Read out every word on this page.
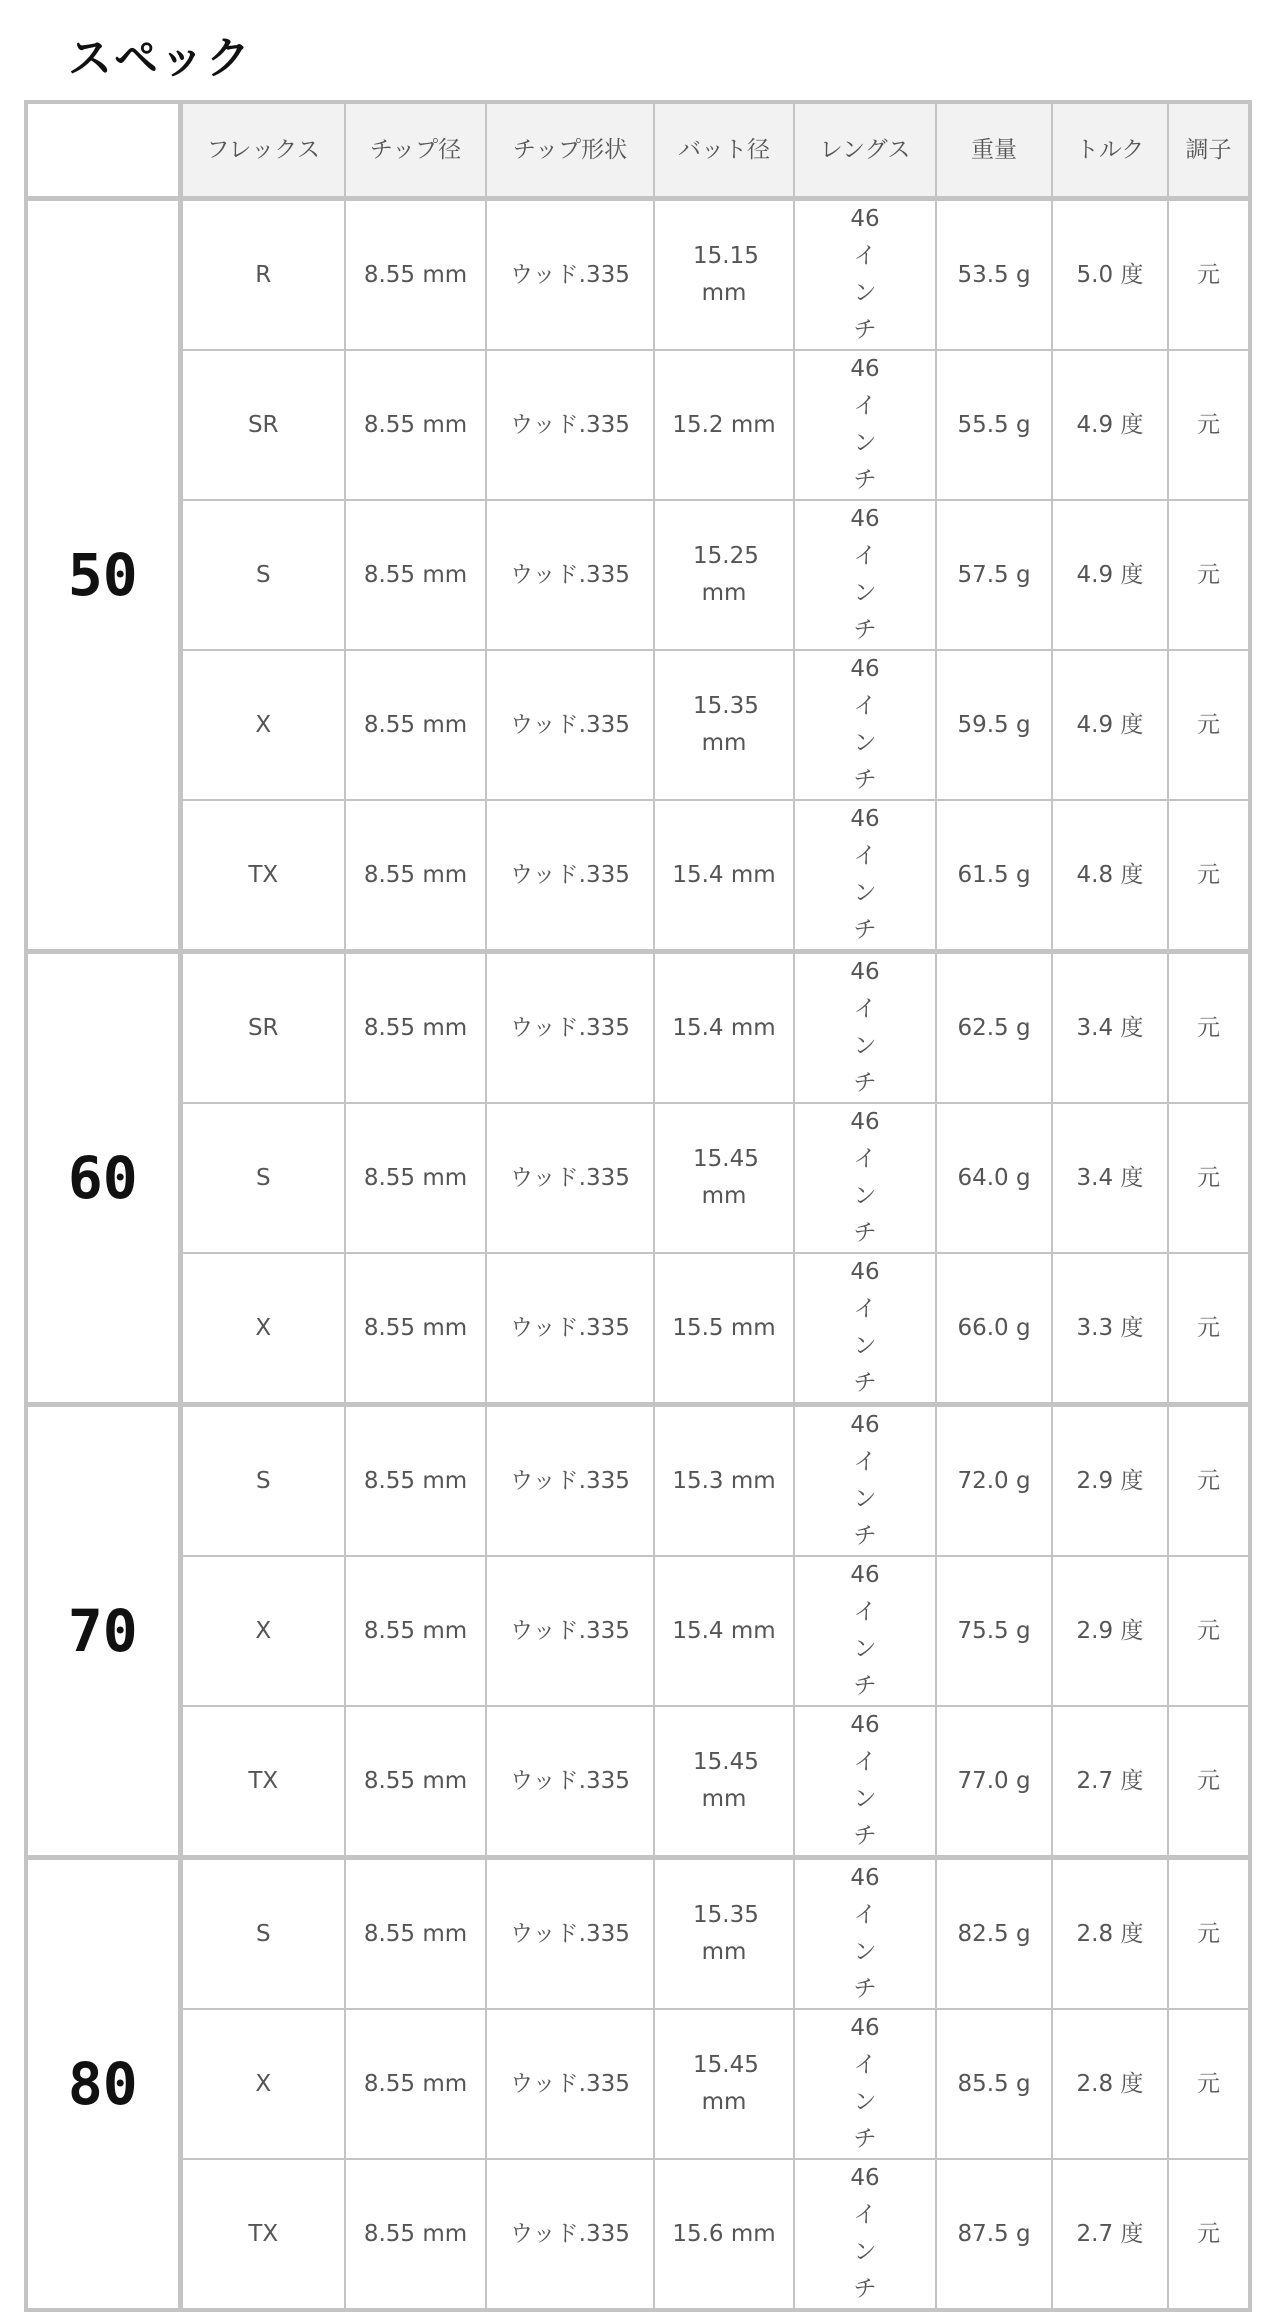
スペック
	フレックス	チップ径	チップ形状	バット径	レングス	重量	トルク	調子
50	R	8.55 mm	ウッド.335	15.15 mm	46 インチ	53.5 g	5.0 度	元
	SR	8.55 mm	ウッド.335	15.2 mm	46 インチ	55.5 g	4.9 度	元
	S	8.55 mm	ウッド.335	15.25 mm	46 インチ	57.5 g	4.9 度	元
	X	8.55 mm	ウッド.335	15.35 mm	46 インチ	59.5 g	4.9 度	元
	TX	8.55 mm	ウッド.335	15.4 mm	46 インチ	61.5 g	4.8 度	元
60	SR	8.55 mm	ウッド.335	15.4 mm	46 インチ	62.5 g	3.4 度	元
	S	8.55 mm	ウッド.335	15.45 mm	46 インチ	64.0 g	3.4 度	元
	X	8.55 mm	ウッド.335	15.5 mm	46 インチ	66.0 g	3.3 度	元
70	S	8.55 mm	ウッド.335	15.3 mm	46 インチ	72.0 g	2.9 度	元
	X	8.55 mm	ウッド.335	15.4 mm	46 インチ	75.5 g	2.9 度	元
	TX	8.55 mm	ウッド.335	15.45 mm	46 インチ	77.0 g	2.7 度	元
80	S	8.55 mm	ウッド.335	15.35 mm	46 インチ	82.5 g	2.8 度	元
	X	8.55 mm	ウッド.335	15.45 mm	46 インチ	85.5 g	2.8 度	元
	TX	8.55 mm	ウッド.335	15.6 mm	46 インチ	87.5 g	2.7 度	元
